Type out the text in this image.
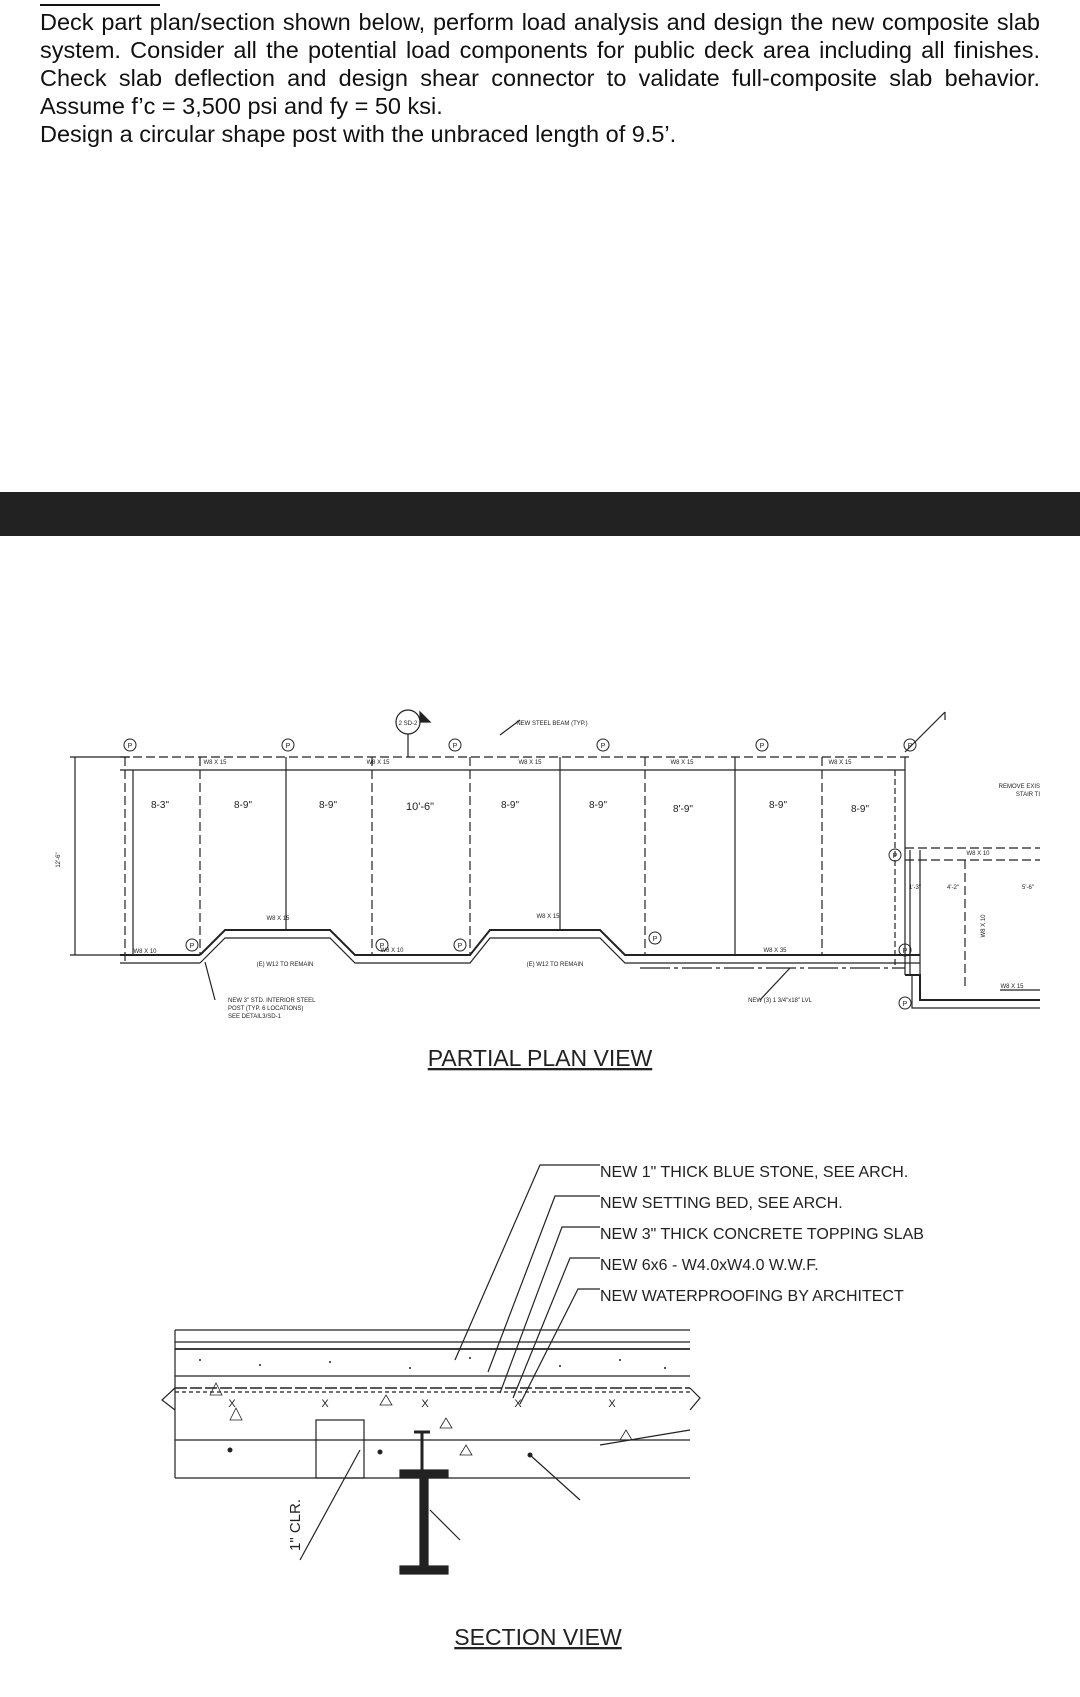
Deck part plan/section shown below, perform load analysis and design the new composite slab system. Consider all the potential load components for public deck area including all finishes. Check slab deflection and design shear connector to validate full-composite slab behavior. Assume f’c = 3,500 psi and fy = 50 ksi.

Design a circular shape post with the unbraced length of 9.5’.

P	P	P	P	P	P
P	P	P
P
P
P
P
8-3"	8-9"	8-9"	10'-6"	8-9"	8-9"	8'-9"	8-9"	8-9"
W8 X 15	W8 X 15	W8 X 15	W8 X 15	W8 X 15
NEW STEEL BEAM (TYP.)
2 SD-2
12'-6"
W8 X 10	W8 X 10
W8 X 15	W8 X 15
(E) W12 TO REMAIN	(E) W12 TO REMAIN
W8 X 35
NEW (3) 1 3/4"x18" LVL
NEW 3" STD. INTERIOR STEEL
POST (TYP. 6 LOCATIONS)
SEE DETAIL3/SD-1
REMOVE EXIS
STAIR TI
W8 X 10
W8 X 10
W8 X 15
4'-2"	5'-6"
1'-3"
PARTIAL PLAN VIEW
X	X	X	X	X
1" CLR.
NEW 1" THICK BLUE STONE, SEE ARCH.
NEW SETTING BED, SEE ARCH.
NEW 3" THICK CONCRETE TOPPING SLAB
NEW 6x6 - W4.0xW4.0 W.W.F.
NEW WATERPROOFING BY ARCHITECT
SECTION VIEW
